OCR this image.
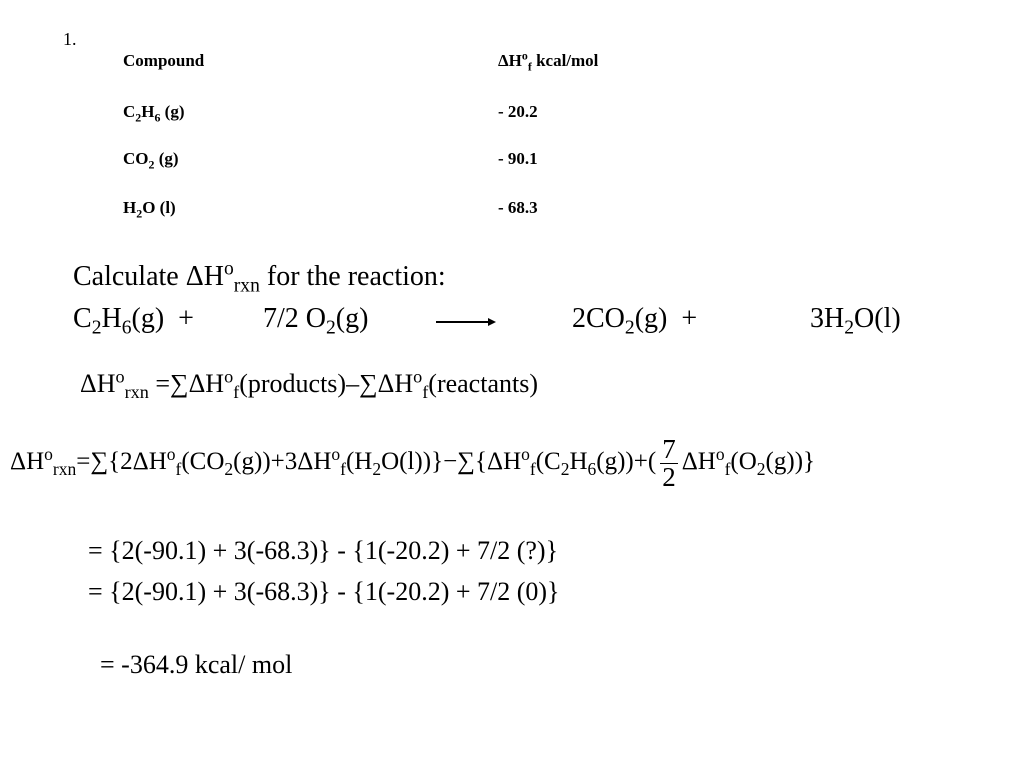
1.
Compound	$\Delta H^o_f$ kcal/mol
$C_2H_6$ (g)	- 20.2
$CO_2$ (g)	- 90.1
$H_2O$ (l)	- 68.3
Calculate $\Delta H^o_{rxn}$ for the reaction:
$C_2H_6(g) + 7/2$ $O_2(g)$	$2CO_2(g)$  +	$3H_2O(l)$
$\Delta H^o_{rxn}$ $=\sum\Delta H^o_f(products)-\sum\Delta H^o_f(reactants)$
$\Delta H^o_{rxn}=\sum\{2\Delta H^o_f(CO_2(g))+3\Delta H^o_f(H_2O(l))\}-\sum\{\Delta H^o_f(C_2H_6(g))+( \frac{7}{2} \Delta H^o_f(O_2(g))\}$
= {2(-90.1) + 3(-68.3)} - {1(-20.2) + 7/2 (?)}
= {2(-90.1) + 3(-68.3)} - {1(-20.2) + 7/2 (0)}
= -364.9 kcal/ mol
